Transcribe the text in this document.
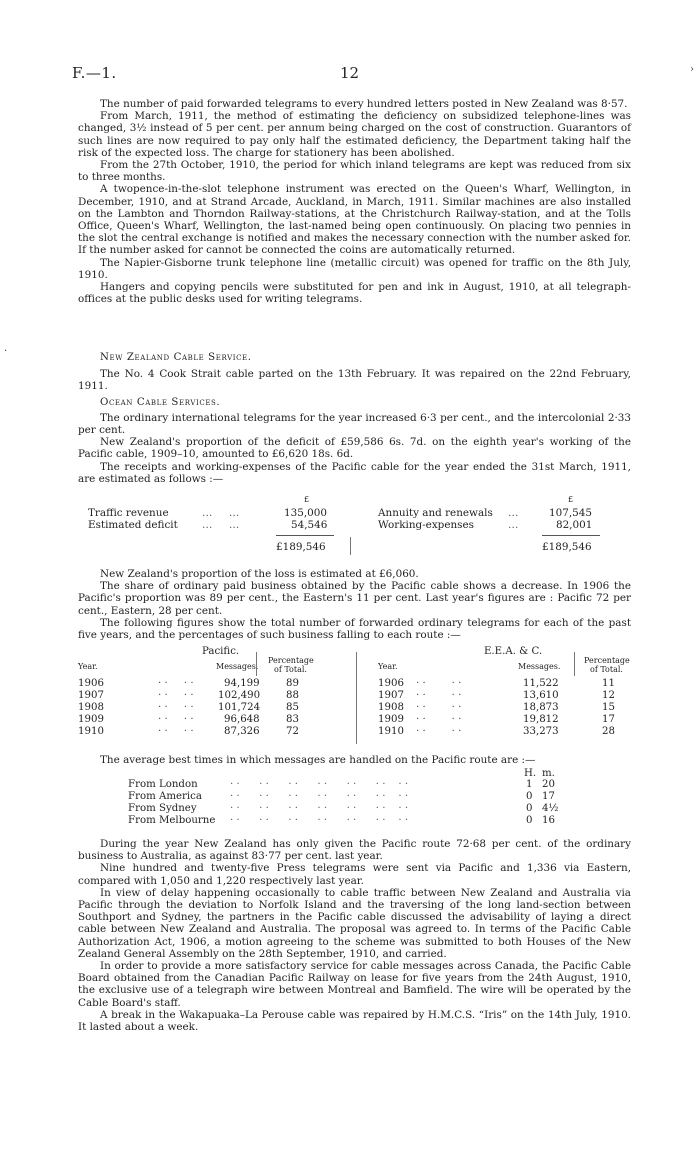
F.—1.	12	›
·

The number of paid forwarded telegrams to every hundred letters posted in New Zealand was 8·57.

From March, 1911, the method of estimating the deficiency on subsidized telephone-lines was changed, 3½ instead of 5 per cent. per annum being charged on the cost of construction. Guarantors of such lines are now required to pay only half the estimated deficiency, the Department taking half the risk of the expected loss. The charge for stationery has been abolished.

From the 27th October, 1910, the period for which inland telegrams are kept was reduced from six to three months.

A twopence-in-the-slot telephone instrument was erected on the Queen's Wharf, Wellington, in December, 1910, and at Strand Arcade, Auckland, in March, 1911. Similar machines are also installed on the Lambton and Thorndon Railway-stations, at the Christchurch Railway-station, and at the Tolls Office, Queen's Wharf, Wellington, the last-named being open continuously. On placing two pennies in the slot the central exchange is notified and makes the necessary connection with the number asked for. If the number asked for cannot be connected the coins are automatically returned.

The Napier-Gisborne trunk telephone line (metallic circuit) was opened for traffic on the 8th July, 1910.

Hangers and copying pencils were substituted for pen and ink in August, 1910, at all telegraph-offices at the public desks used for writing telegrams.

New Zealand Cable Service.

The No. 4 Cook Strait cable parted on the 13th February. It was repaired on the 22nd February, 1911.

Ocean Cable Services.

The ordinary international telegrams for the year increased 6·3 per cent., and the intercolonial 2·33 per cent.

New Zealand's proportion of the deficit of £59,586 6s. 7d. on the eighth year's working of the Pacific cable, 1909–10, amounted to £6,620 18s. 6d.

The receipts and working-expenses of the Pacific cable for the year ended the 31st March, 1911, are estimated as follows :—

£	£
Traffic revenue	…     …	135,000	Annuity and renewals …	107,545
Estimated deficit …     …	54,546	Working-expenses	…	82,001
£189,546	£189,546

New Zealand's proportion of the loss is estimated at £6,060.

The share of ordinary paid business obtained by the Pacific cable shows a decrease. In 1906 the Pacific's proportion was 89 per cent., the Eastern's 11 per cent. Last year's figures are : Pacific 72 per cent., Eastern, 28 per cent.

The following figures show the total number of forwarded ordinary telegrams for each of the past five years, and the percentages of such business falling to each route :—

Pacific.	E.E.A. & C.
Year.	Messages.
Percentage
of Total.	Year.	Messages.
Percentage
of Total.
1906	· ·     · ·	94,199	89	1906 · ·        · ·	11,522	11
1907	· ·     · · 102,490	88	1907 · ·        · ·	13,610	12
1908	· ·     · · 101,724	85	1908 · ·        · ·	18,873	15
1909	· ·     · ·	96,648	83	1909 · ·        · ·	19,812	17
1910	· ·     · ·	87,326	72	1910 · ·        · ·	33,273	28

The average best times in which messages are handled on the Pacific route are :—

H. m.
From London	· ·      · ·      · ·      · ·      · ·      · ·    · ·	1 20
From America	· ·      · ·      · ·      · ·      · ·      · ·    · ·	0 17
From Sydney	· ·      · ·      · ·      · ·      · ·      · ·    · ·	0 4½
From Melbourne · ·      · ·      · ·      · ·      · ·      · ·    · ·	0 16

During the year New Zealand has only given the Pacific route 72·68 per cent. of the ordinary business to Australia, as against 83·77 per cent. last year.

Nine hundred and twenty-five Press telegrams were sent via Pacific and 1,336 via Eastern, compared with 1,050 and 1,220 respectively last year.

In view of delay happening occasionally to cable traffic between New Zealand and Australia via Pacific through the deviation to Norfolk Island and the traversing of the long land-section between Southport and Sydney, the partners in the Pacific cable discussed the advisability of laying a direct cable between New Zealand and Australia. The proposal was agreed to. In terms of the Pacific Cable Authorization Act, 1906, a motion agreeing to the scheme was submitted to both Houses of the New Zealand General Assembly on the 28th September, 1910, and carried.

In order to provide a more satisfactory service for cable messages across Canada, the Pacific Cable Board obtained from the Canadian Pacific Railway on lease for five years from the 24th August, 1910, the exclusive use of a telegraph wire between Montreal and Bamfield. The wire will be operated by the Cable Board's staff.

A break in the Wakapuaka–La Perouse cable was repaired by H.M.C.S. “Iris” on the 14th July, 1910. It lasted about a week.
